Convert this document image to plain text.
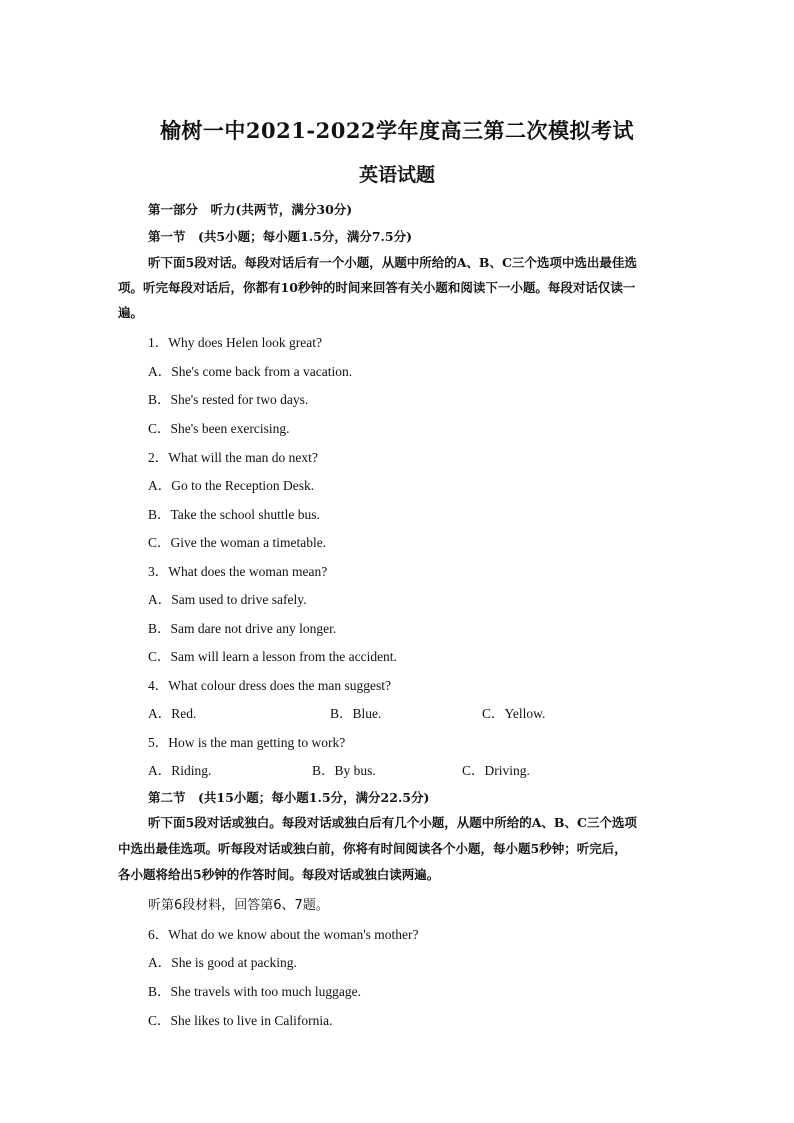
榆树一中2021-2022学年度高三第二次模拟考试
英语试题
第一部分　听力(共两节，满分30分)
第一节　(共5小题；每小题1.5分，满分7.5分)
听下面5段对话。每段对话后有一个小题，从题中所给的A、B、C三个选项中选出最佳选
项。听完每段对话后，你都有10秒钟的时间来回答有关小题和阅读下一小题。每段对话仅读一
遍。
1．Why does Helen look great?
A．She's come back from a vacation.
B．She's rested for two days.
C．She's been exercising.
2．What will the man do next?
A．Go to the Reception Desk.
B．Take the school shuttle bus.
C．Give the woman a timetable.
3．What does the woman mean?
A．Sam used to drive safely.
B．Sam dare not drive any longer.
C．Sam will learn a lesson from the accident.
4．What colour dress does the man suggest?
A．Red.	B．Blue.	C．Yellow.
5．How is the man getting to work?
A．Riding.	B．By bus.	C．Driving.
第二节　(共15小题；每小题1.5分，满分22.5分)
听下面5段对话或独白。每段对话或独白后有几个小题，从题中所给的A、B、C三个选项
中选出最佳选项。听每段对话或独白前，你将有时间阅读各个小题，每小题5秒钟；听完后，
各小题将给出5秒钟的作答时间。每段对话或独白读两遍。
听第6段材料，回答第6、7题。
6．What do we know about the woman's mother?
A．She is good at packing.
B．She travels with too much luggage.
C．She likes to live in California.
